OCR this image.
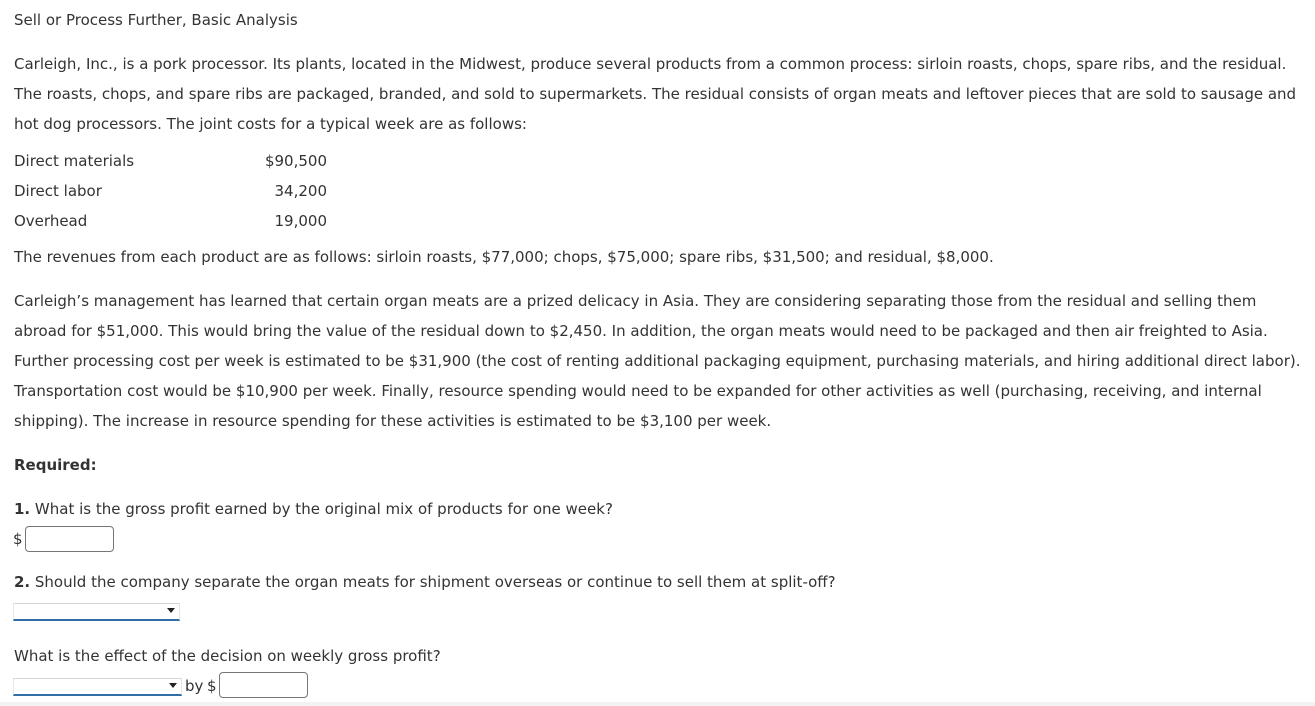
Sell or Process Further, Basic Analysis
Carleigh, Inc., is a pork processor. Its plants, located in the Midwest, produce several products from a common process: sirloin roasts, chops, spare ribs, and the residual.
The roasts, chops, and spare ribs are packaged, branded, and sold to supermarkets. The residual consists of organ meats and leftover pieces that are sold to sausage and
hot dog processors. The joint costs for a typical week are as follows:
Direct materials	$90,500
Direct labor	34,200
Overhead	19,000
The revenues from each product are as follows: sirloin roasts, $77,000; chops, $75,000; spare ribs, $31,500; and residual, $8,000.
Carleigh’s management has learned that certain organ meats are a prized delicacy in Asia. They are considering separating those from the residual and selling them
abroad for $51,000. This would bring the value of the residual down to $2,450. In addition, the organ meats would need to be packaged and then air freighted to Asia.
Further processing cost per week is estimated to be $31,900 (the cost of renting additional packaging equipment, purchasing materials, and hiring additional direct labor).
Transportation cost would be $10,900 per week. Finally, resource spending would need to be expanded for other activities as well (purchasing, receiving, and internal
shipping). The increase in resource spending for these activities is estimated to be $3,100 per week.
Required:
1. What is the gross profit earned by the original mix of products for one week?
$
2. Should the company separate the organ meats for shipment overseas or continue to sell them at split-off?
What is the effect of the decision on weekly gross profit?
by $
